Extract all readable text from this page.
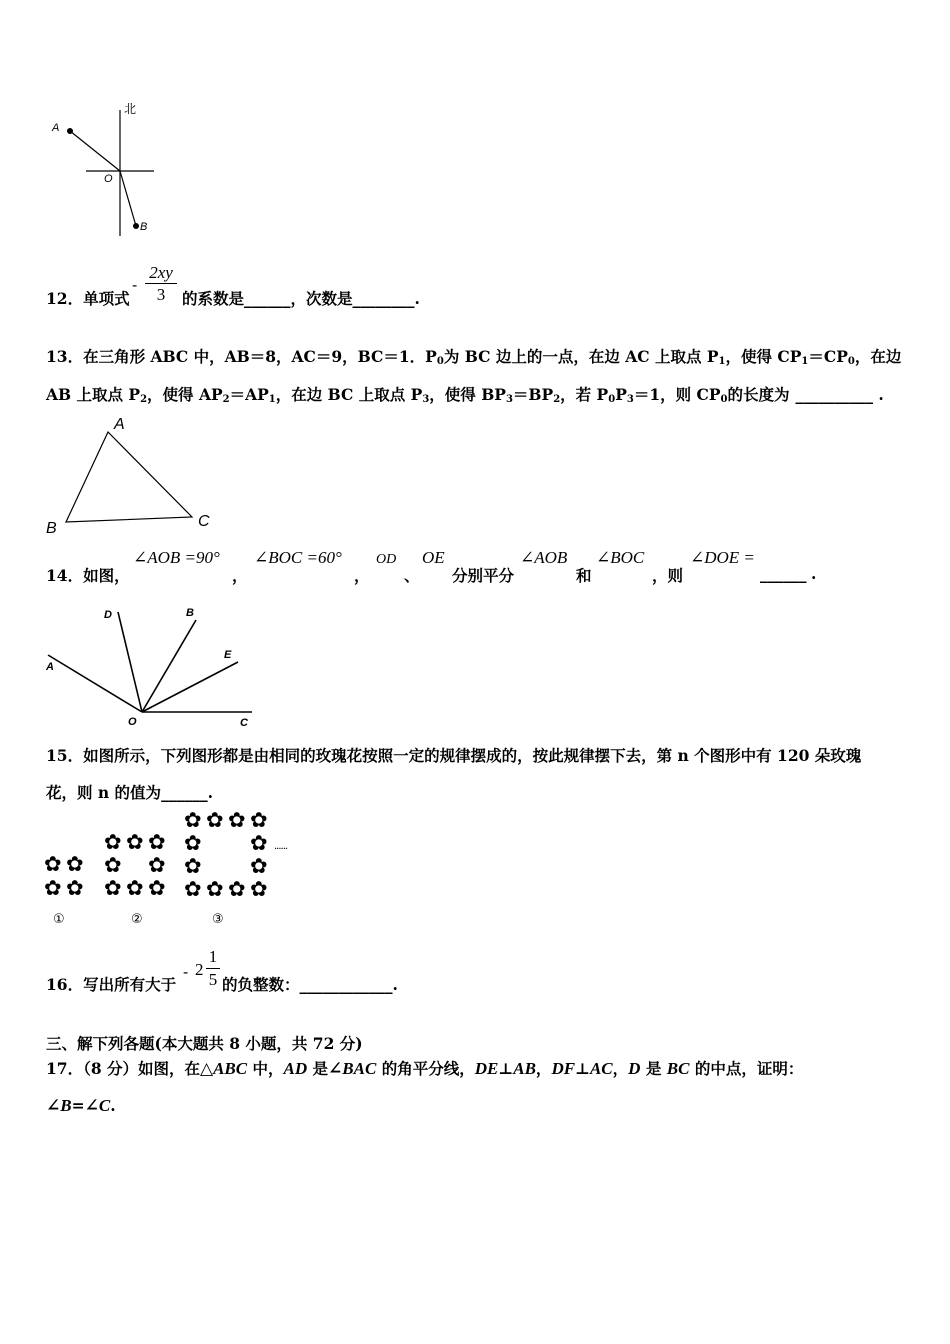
北
A
O
B
12．单项式
- $\frac{2xy}{3}$ 的系数是______，次数是________.
13．在三角形 ABC 中，AB＝8，AC＝9，BC＝1．$P_0$为 BC 边上的一点，在边 AC 上取点 $P_1$，使得 $CP_1=CP_0$，在边
AB 上取点 $P_2$，使得 $AP_2=AP_1$，在边 BC 上取点 $P_3$，使得 $BP_3=BP_2$，若 $P_0P_3=1$，则 $CP_0$的长度为 __________ .
A
B	C
14．如图，
∠AOB =90°
，
∠BOC =60°
，
OD
、
OE
分别平分
∠AOB
和
∠BOC
，则
∠DOE =
______ .
D	B
E
A
O	C
15．如图所示，下列图形都是由相同的玫瑰花按照一定的规律摆成的，按此规律摆下去，第 n 个图形中有 120 朵玫瑰
花，则 n 的值为______.
✿ ✿
✿ ✿
✿ ✿ ✿
✿ ✿
✿ ✿ ✿
✿ ✿ ✿ ✿
✿ ✿
✿ ✿
✿ ✿ ✿ ✿
······
①	②	③
16．写出所有大于
- $2 \frac{1}{5}$ 的负整数：____________.
三、解下列各题(本大题共 8 小题，共 72 分)
17．（8 分）如图，在△ABC 中，AD 是∠BAC 的角平分线，DE⊥AB，DF⊥AC，D 是 BC 的中点，证明：
∠B=∠C.
